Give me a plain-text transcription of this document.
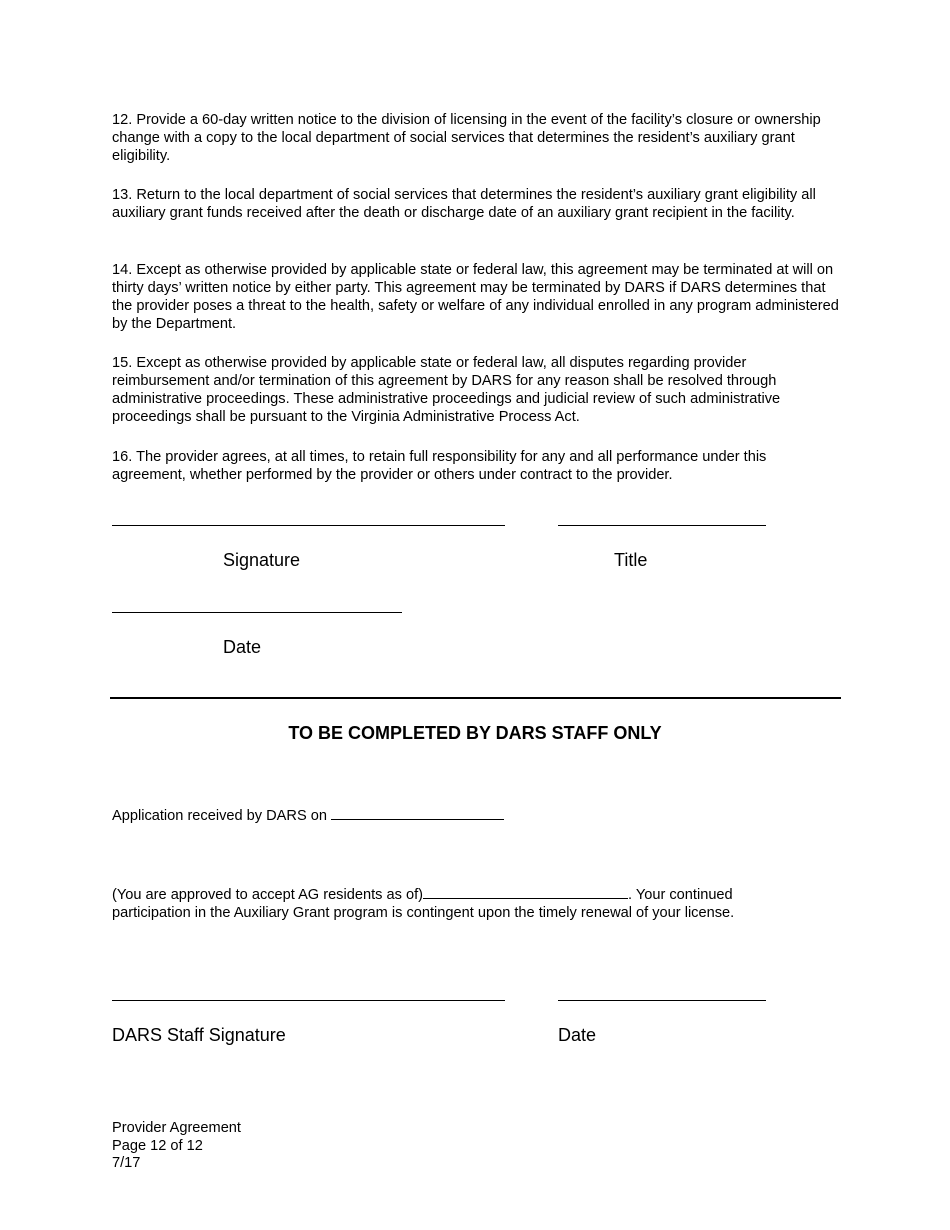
12. Provide a 60-day written notice to the division of licensing in the event of the facility’s closure or ownership change with a copy to the local department of social services that determines the resident’s auxiliary grant eligibility.

13. Return to the local department of social services that determines the resident’s auxiliary grant eligibility all auxiliary grant funds received after the death or discharge date of an auxiliary grant recipient in the facility.

14. Except as otherwise provided by applicable state or federal law, this agreement may be terminated at will on thirty days’ written notice by either party. This agreement may be terminated by DARS if DARS determines that the provider poses a threat to the health, safety or welfare of any individual enrolled in any program administered by the Department.

15. Except as otherwise provided by applicable state or federal law, all disputes regarding provider reimbursement and/or termination of this agreement by DARS for any reason shall be resolved through administrative proceedings. These administrative proceedings and judicial review of such administrative proceedings shall be pursuant to the Virginia Administrative Process Act.

16. The provider agrees, at all times, to retain full responsibility for any and all performance under this agreement, whether performed by the provider or others under contract to the provider.

Signature	Title

Date

TO BE COMPLETED BY DARS STAFF ONLY

Application received by DARS on

(You are approved to accept AG residents as of)	. Your continued participation in the Auxiliary Grant program is contingent upon the timely renewal of your license.

DARS Staff Signature	Date

Provider Agreement
Page 12 of 12
7/17
